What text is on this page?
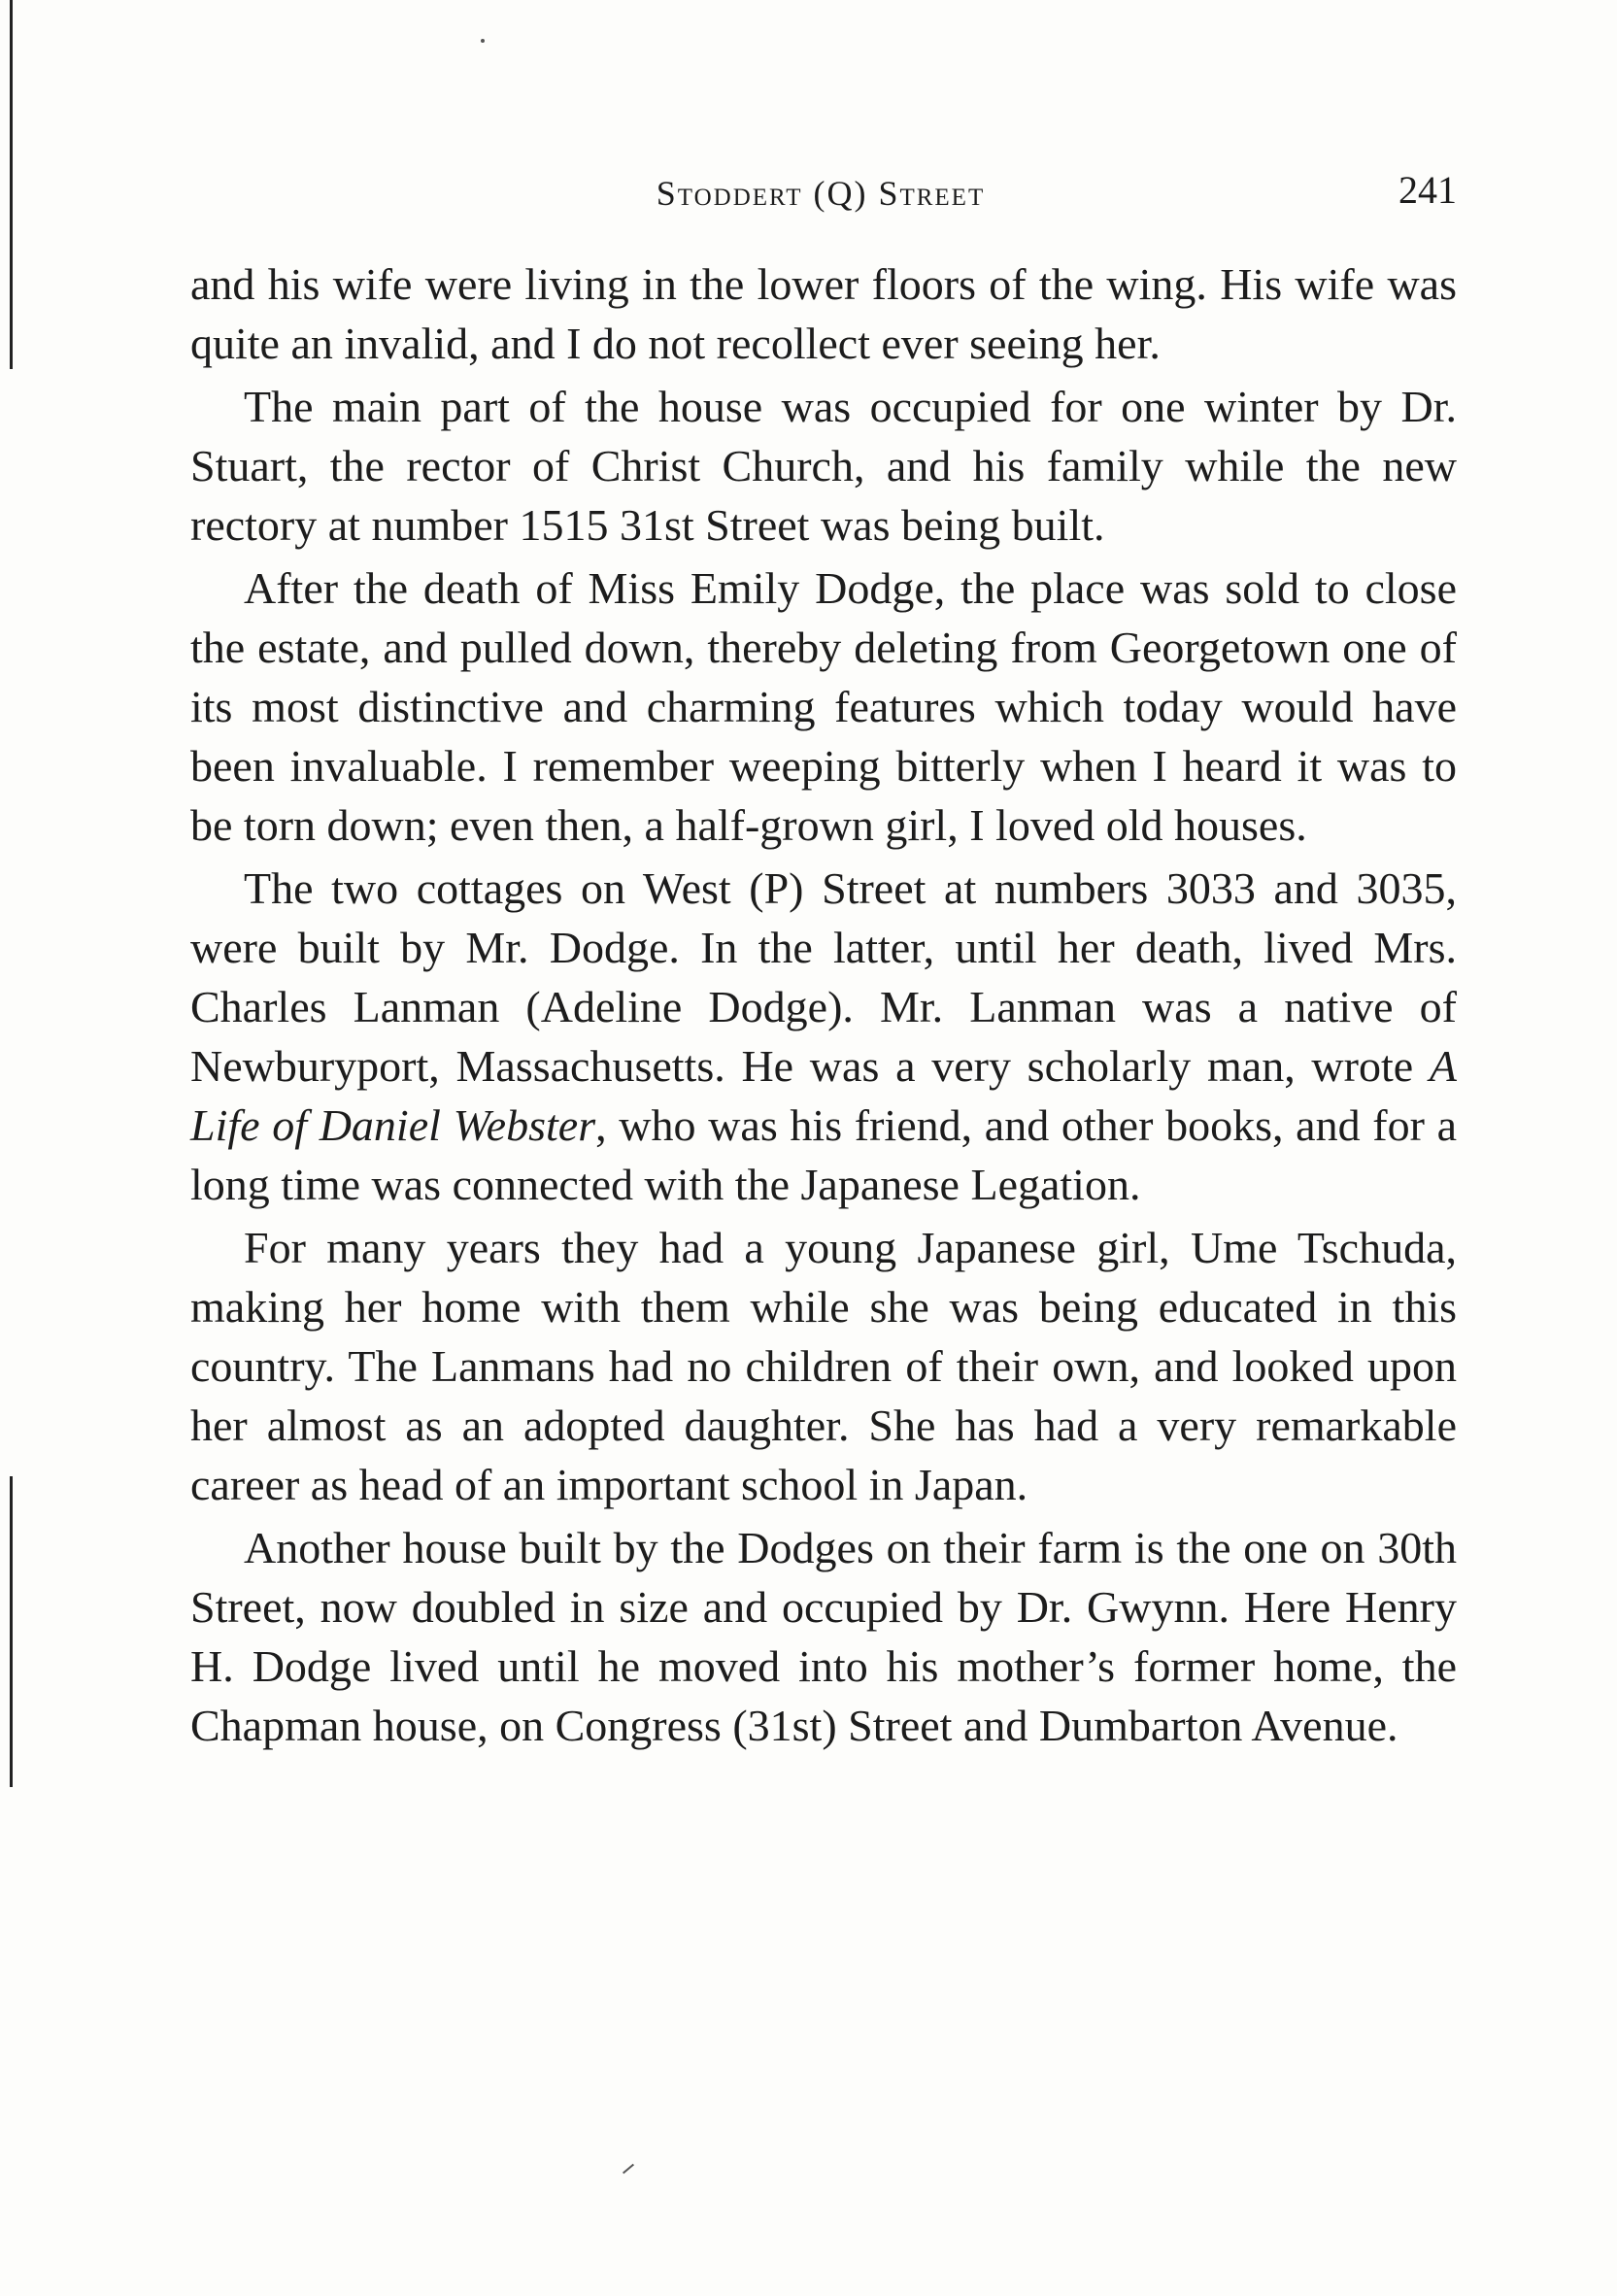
Stoddert (Q) Street	241

and his wife were living in the lower floors of the wing. His wife was quite an invalid, and I do not recollect ever seeing her.

The main part of the house was occupied for one winter by Dr. Stuart, the rector of Christ Church, and his family while the new rectory at number 1515 31st Street was being built.

After the death of Miss Emily Dodge, the place was sold to close the estate, and pulled down, thereby deleting from Georgetown one of its most distinctive and charming features which today would have been invaluable. I remember weeping bitterly when I heard it was to be torn down; even then, a half-grown girl, I loved old houses.

The two cottages on West (P) Street at numbers 3033 and 3035, were built by Mr. Dodge. In the latter, until her death, lived Mrs. Charles Lanman (Adeline Dodge). Mr. Lanman was a native of Newburyport, Massachusetts. He was a very scholarly man, wrote A Life of Daniel Webster, who was his friend, and other books, and for a long time was connected with the Japanese Legation.

For many years they had a young Japanese girl, Ume Tschuda, making her home with them while she was being educated in this country. The Lanmans had no children of their own, and looked upon her almost as an adopted daughter. She has had a very remarkable career as head of an important school in Japan.

Another house built by the Dodges on their farm is the one on 30th Street, now doubled in size and occupied by Dr. Gwynn. Here Henry H. Dodge lived until he moved into his mother’s former home, the Chapman house, on Congress (31st) Street and Dumbarton Avenue.
